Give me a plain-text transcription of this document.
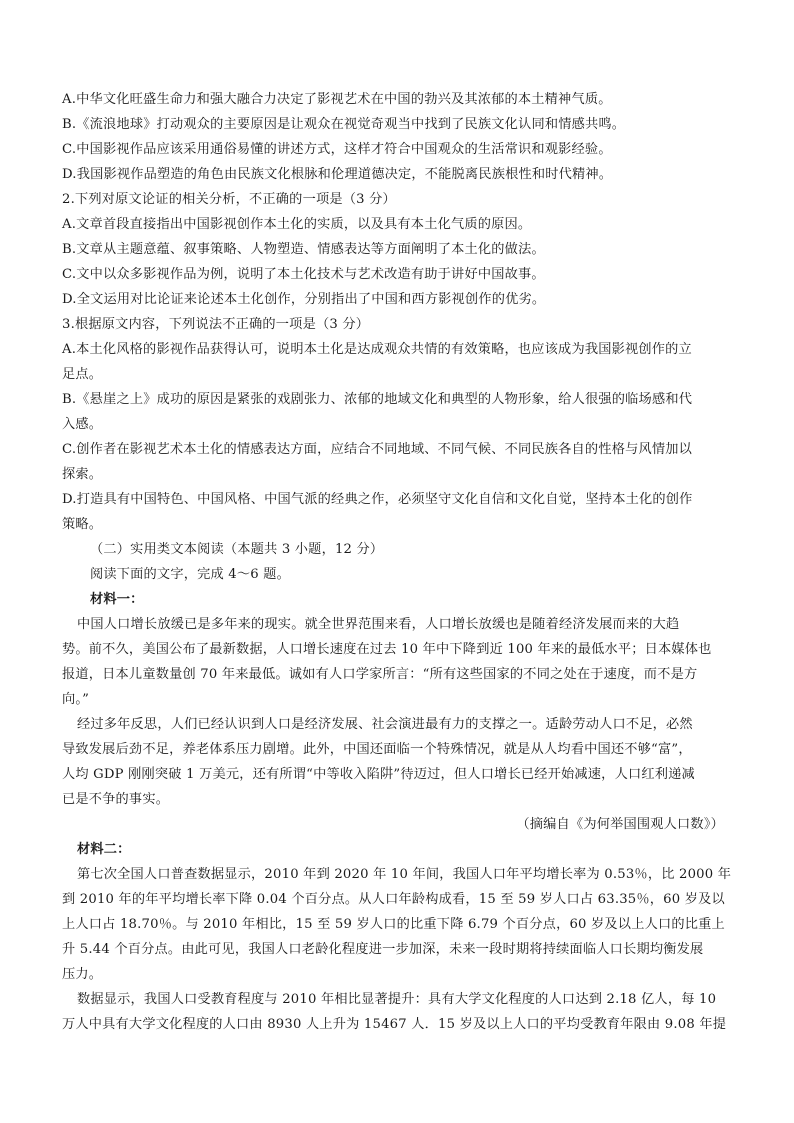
A.中华文化旺盛生命力和强大融合力决定了影视艺术在中国的勃兴及其浓郁的本土精神气质。
B.《流浪地球》打动观众的主要原因是让观众在视觉奇观当中找到了民族文化认同和情感共鸣。
C.中国影视作品应该采用通俗易懂的讲述方式，这样才符合中国观众的生活常识和观影经验。
D.我国影视作品塑造的角色由民族文化根脉和伦理道德决定，不能脱离民族根性和时代精神。
2.下列对原文论证的相关分析，不正确的一项是（3 分）
A.文章首段直接指出中国影视创作本土化的实质，以及具有本土化气质的原因。
B.文章从主题意蕴、叙事策略、人物塑造、情感表达等方面阐明了本土化的做法。
C.文中以众多影视作品为例，说明了本土化技术与艺术改造有助于讲好中国故事。
D.全文运用对比论证来论述本土化创作，分别指出了中国和西方影视创作的优劣。
3.根据原文内容，下列说法不正确的一项是（3 分）
A.本土化风格的影视作品获得认可，说明本土化是达成观众共情的有效策略，也应该成为我国影视创作的立
足点。
B.《悬崖之上》成功的原因是紧张的戏剧张力、浓郁的地域文化和典型的人物形象，给人很强的临场感和代
入感。
C.创作者在影视艺术本土化的情感表达方面，应结合不同地域、不同气候、不同民族各自的性格与风情加以
探索。
D.打造具有中国特色、中国风格、中国气派的经典之作，必须坚守文化自信和文化自觉，坚持本土化的创作
策略。
（二）实用类文本阅读（本题共 3 小题，12 分）
阅读下面的文字，完成 4～6 题。
材料一：
中国人口增长放缓已是多年来的现实。就全世界范围来看，人口增长放缓也是随着经济发展而来的大趋
势。前不久，美国公布了最新数据，人口增长速度在过去 10 年中下降到近 100 年来的最低水平；日本媒体也
报道，日本儿童数量创 70 年来最低。诚如有人口学家所言：“所有这些国家的不同之处在于速度，而不是方
向。”
经过多年反思，人们已经认识到人口是经济发展、社会演进最有力的支撑之一。适龄劳动人口不足，必然
导致发展后劲不足，养老体系压力剧增。此外，中国还面临一个特殊情况，就是从人均看中国还不够“富”，
人均 GDP 刚刚突破 1 万美元，还有所谓“中等收入陷阱”待迈过，但人口增长已经开始减速，人口红利递减
已是不争的事实。
（摘编自《为何举国围观人口数》）
材料二：
第七次全国人口普查数据显示，2010 年到 2020 年 10 年间，我国人口年平均增长率为 0.53％，比 2000 年
到 2010 年的年平均增长率下降 0.04 个百分点。从人口年龄构成看，15 至 59 岁人口占 63.35％，60 岁及以
上人口占 18.70％。与 2010 年相比，15 至 59 岁人口的比重下降 6.79 个百分点，60 岁及以上人口的比重上
升 5.44 个百分点。由此可见，我国人口老龄化程度进一步加深，未来一段时期将持续面临人口长期均衡发展
压力。
数据显示，我国人口受教育程度与 2010 年相比显著提升：具有大学文化程度的人口达到 2.18 亿人，每 10
万人中具有大学文化程度的人口由 8930 人上升为 15467 人．15 岁及以上人口的平均受教育年限由 9.08 年提
